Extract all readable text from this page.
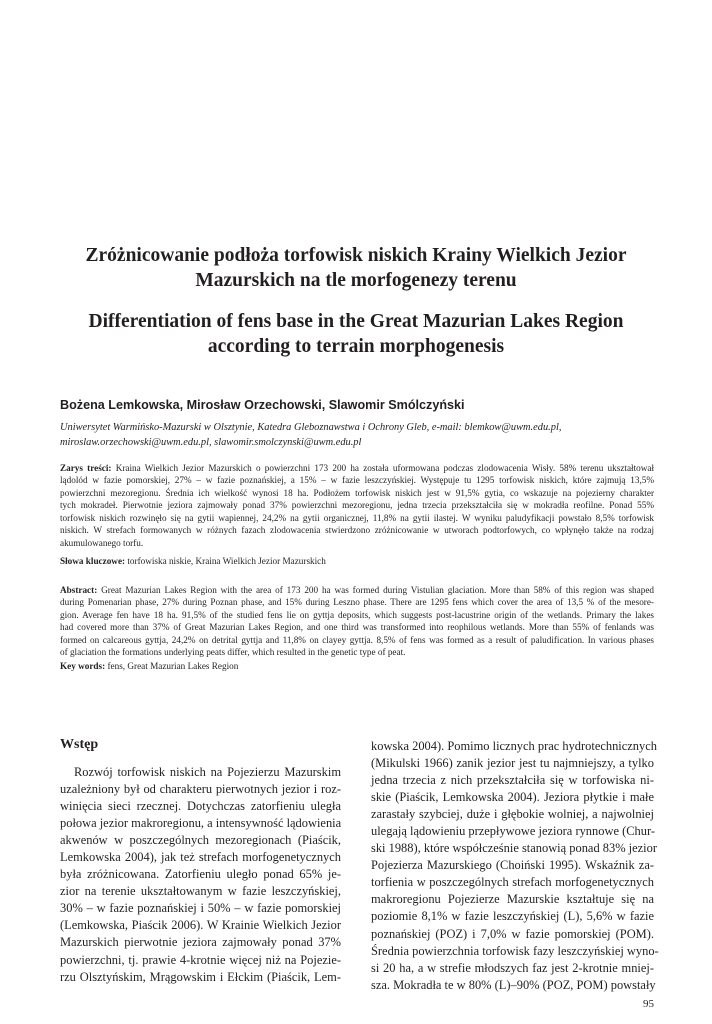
Zróżnicowanie podłoża torfowisk niskich Krainy Wielkich Jezior
Mazurskich na tle morfogenezy terenu
Differentiation of fens base in the Great Mazurian Lakes Region
according to terrain morphogenesis
Bożena Lemkowska, Mirosław Orzechowski, Slawomir Smólczyński
Uniwersytet Warmińsko-Mazurski w Olsztynie, Katedra Gleboznawstwa i Ochrony Gleb, e-mail: blemkow@uwm.edu.pl,
miroslaw.orzechowski@uwm.edu.pl, slawomir.smolczynski@uwm.edu.pl
Zarys treści: Kraina Wielkich Jezior Mazurskich o powierzchni 173 200 ha została uformowana podczas zlodowacenia Wisły. 58% terenu ukształtował
lądolód w fazie pomorskiej, 27% – w fazie poznańskiej, a 15% – w fazie leszczyńskiej. Występuje tu 1295 torfowisk niskich, które zajmują 13,5%
powierzchni mezoregionu. Średnia ich wielkość wynosi 18 ha. Podłożem torfowisk niskich jest w 91,5% gytia, co wskazuje na pojezierny charakter
tych mokradeł. Pierwotnie jeziora zajmowały ponad 37% powierzchni mezoregionu, jedna trzecia przekształciła się w mokradła reofilne. Ponad 55%
torfowisk niskich rozwinęło się na gytii wapiennej, 24,2% na gytii organicznej, 11,8% na gytii ilastej. W wyniku paludyfikacji powstało 8,5% torfowisk
niskich. W strefach formowanych w różnych fazach zlodowacenia stwierdzono zróżnicowanie w utworach podtorfowych, co wpłynęło także na rodzaj
akumulowanego torfu.
Słowa kluczowe: torfowiska niskie, Kraina Wielkich Jezior Mazurskich
Abstract: Great Mazurian Lakes Region with the area of 173 200 ha was formed during Vistulian glaciation. More than 58% of this region was shaped
during Pomenarian phase, 27% during Poznan phase, and 15% during Leszno phase. There are 1295 fens which cover the area of 13,5 % of the mesore-
gion. Average fen have 18 ha. 91,5% of the studied fens lie on gyttja deposits, which suggests post-lacustrine origin of the wetlands. Primary the lakes
had covered more than 37% of Great Mazurian Lakes Region, and one third was transformed into reophilous wetlands. More than 55% of fenlands was
formed on calcareous gyttja, 24,2% on detrital gyttja and 11,8% on clayey gyttja. 8,5% of fens was formed as a result of paludification. In various phases
of glaciation the formations underlying peats differ, which resulted in the genetic type of peat.
Key words: fens, Great Mazurian Lakes Region
Wstęp
Rozwój torfowisk niskich na Pojezierzu Mazurskim
uzależniony był od charakteru pierwotnych jezior i roz-
winięcia sieci rzecznej. Dotychczas zatorfieniu uległa
połowa jezior makroregionu, a intensywność lądowienia
akwenów w poszczególnych mezoregionach (Piaścik,
Lemkowska 2004), jak też strefach morfogenetycznych
była zróżnicowana. Zatorfieniu uległo ponad 65% je-
zior na terenie ukształtowanym w fazie leszczyńskiej,
30% – w fazie poznańskiej i 50% – w fazie pomorskiej
(Lemkowska, Piaścik 2006). W Krainie Wielkich Jezior
Mazurskich pierwotnie jeziora zajmowały ponad 37%
powierzchni, tj. prawie 4-krotnie więcej niż na Pojezie-
rzu Olsztyńskim, Mrągowskim i Ełckim (Piaścik, Lem-
kowska 2004). Pomimo licznych prac hydrotechnicznych
(Mikulski 1966) zanik jezior jest tu najmniejszy, a tylko
jedna trzecia z nich przekształciła się w torfowiska ni-
skie (Piaścik, Lemkowska 2004). Jeziora płytkie i małe
zarastały szybciej, duże i głębokie wolniej, a najwolniej
ulegają lądowieniu przepływowe jeziora rynnowe (Chur-
ski 1988), które współcześnie stanowią ponad 83% jezior
Pojezierza Mazurskiego (Choiński 1995). Wskaźnik za-
torfienia w poszczególnych strefach morfogenetycznych
makroregionu Pojezierze Mazurskie kształtuje się na
poziomie 8,1% w fazie leszczyńskiej (L), 5,6% w fazie
poznańskiej (POZ) i 7,0% w fazie pomorskiej (POM).
Średnia powierzchnia torfowisk fazy leszczyńskiej wyno-
si 20 ha, a w strefie młodszych faz jest 2-krotnie mniej-
sza. Mokradła te w 80% (L)–90% (POZ, POM) powstały
95
